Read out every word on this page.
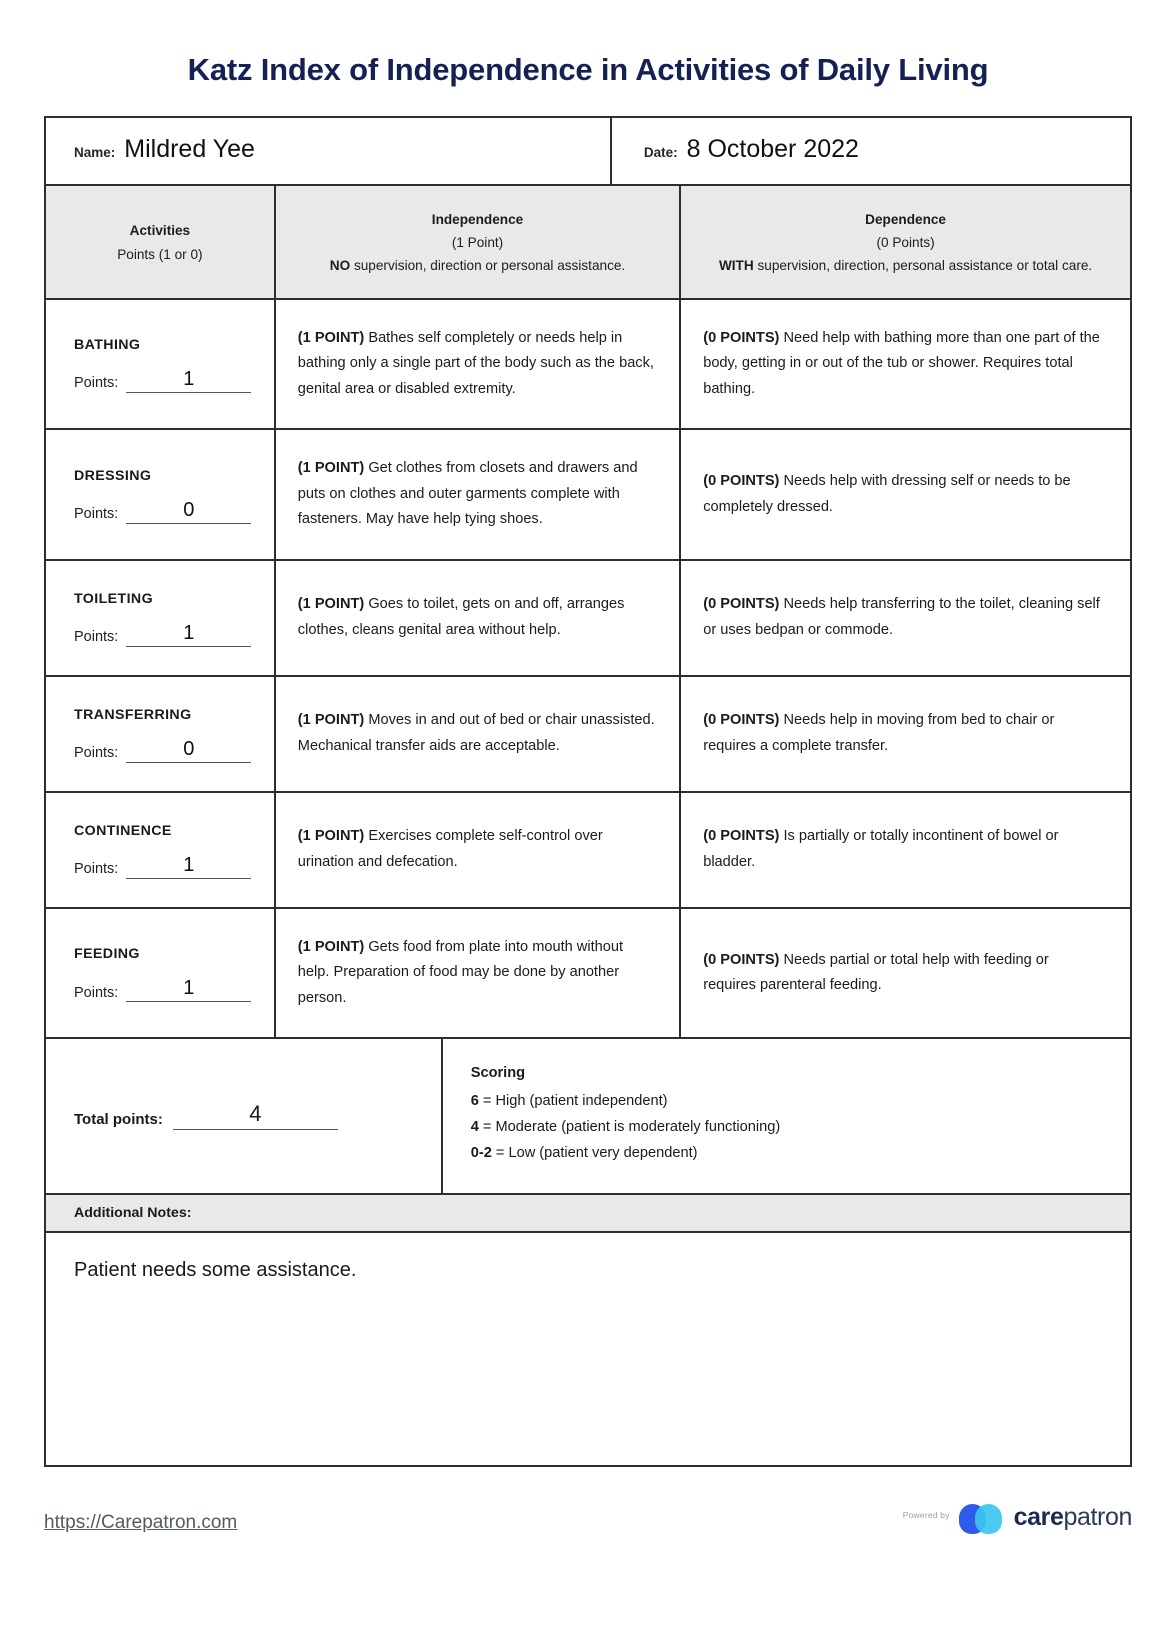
Katz Index of Independence in Activities of Daily Living
Name: Mildred Yee	Date: 8 October 2022
Activities
Points (1 or 0)
Independence
(1 Point)
NO supervision, direction or personal assistance.
Dependence
(0 Points)
WITH supervision, direction, personal assistance or total care.
BATHING
Points:	1
(1 POINT) Bathes self completely or needs help in bathing only a single part of the body such as the back, genital area or disabled extremity.
(0 POINTS) Need help with bathing more than one part of the body, getting in or out of the tub or shower. Requires total bathing.
DRESSING
Points:	0
(1 POINT) Get clothes from closets and drawers and puts on clothes and outer garments complete with fasteners. May have help tying shoes.
(0 POINTS) Needs help with dressing self or needs to be completely dressed.
TOILETING
Points:	1
(1 POINT) Goes to toilet, gets on and off, arranges clothes, cleans genital area without help.
(0 POINTS) Needs help transferring to the toilet, cleaning self or uses bedpan or commode.
TRANSFERRING
Points:	0
(1 POINT) Moves in and out of bed or chair unassisted. Mechanical transfer aids are acceptable.
(0 POINTS) Needs help in moving from bed to chair or requires a complete transfer.
CONTINENCE
Points:	1
(1 POINT) Exercises complete self-control over urination and defecation.
(0 POINTS) Is partially or totally incontinent of bowel or bladder.
FEEDING
Points:	1
(1 POINT) Gets food from plate into mouth without help. Preparation of food may be done by another person.
(0 POINTS) Needs partial or total help with feeding or requires parenteral feeding.
Total points:	4
Scoring
6 = High (patient independent)
4 = Moderate (patient is moderately functioning)
0-2 = Low (patient very dependent)
Additional Notes:
Patient needs some assistance.
https://Carepatron.com	Powered by	carepatron
